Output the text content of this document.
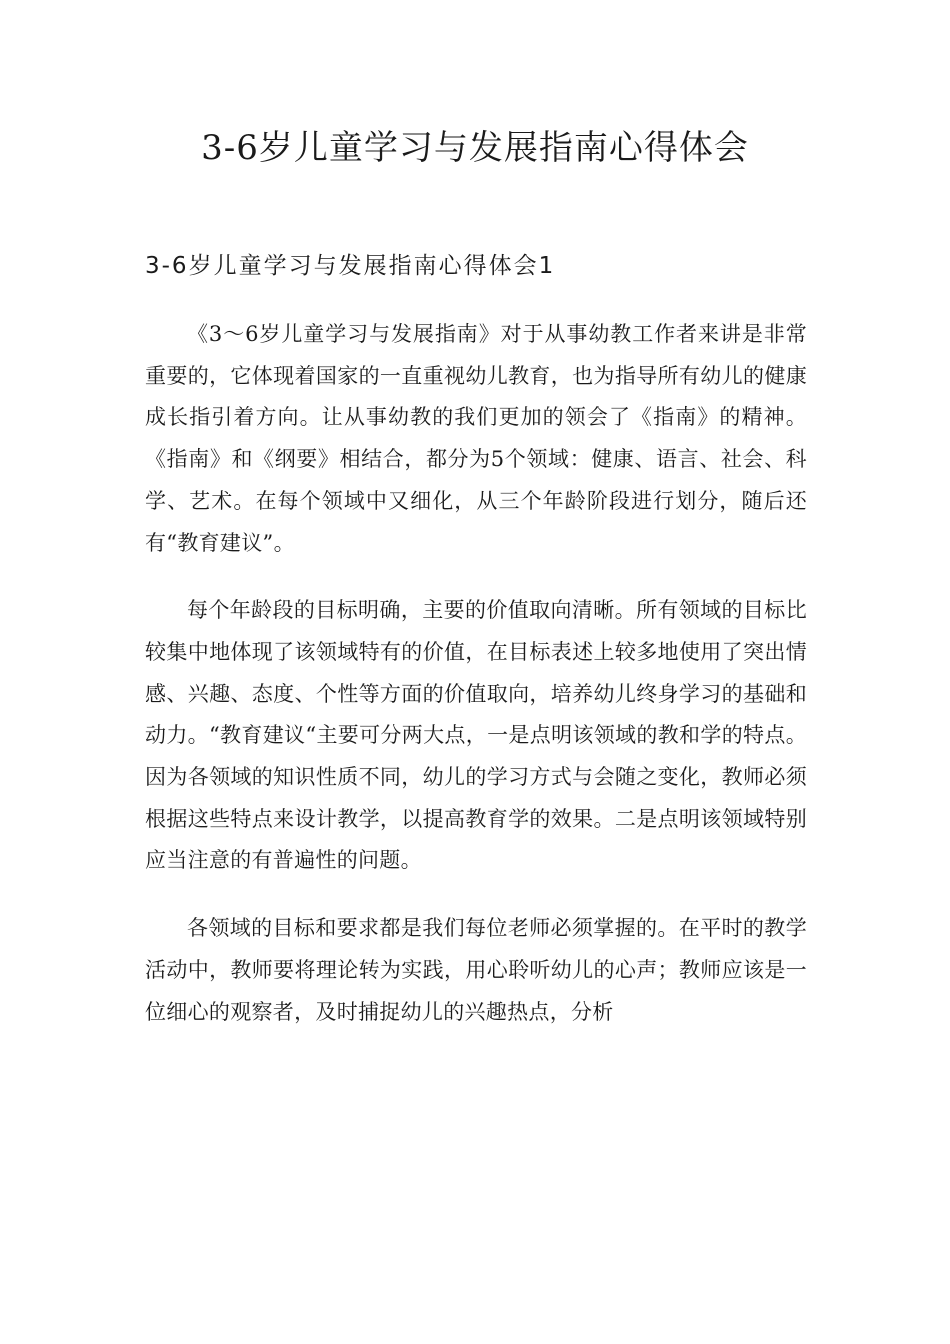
3-6岁儿童学习与发展指南心得体会
3-6岁儿童学习与发展指南心得体会1

《3～6岁儿童学习与发展指南》对于从事幼教工作者来讲是非常重要的，它体现着国家的一直重视幼儿教育，也为指导所有幼儿的健康成长指引着方向。让从事幼教的我们更加的领会了《指南》的精神。《指南》和《纲要》相结合，都分为5个领域：健康、语言、社会、科学、艺术。在每个领域中又细化，从三个年龄阶段进行划分，随后还有“教育建议”。

每个年龄段的目标明确，主要的价值取向清晰。所有领域的目标比较集中地体现了该领域特有的价值，在目标表述上较多地使用了突出情感、兴趣、态度、个性等方面的价值取向，培养幼儿终身学习的基础和动力。“教育建议“主要可分两大点，一是点明该领域的教和学的特点。因为各领域的知识性质不同，幼儿的学习方式与会随之变化，教师必须根据这些特点来设计教学，以提高教育学的效果。二是点明该领域特别应当注意的有普遍性的问题。

各领域的目标和要求都是我们每位老师必须掌握的。在平时的教学活动中，教师要将理论转为实践，用心聆听幼儿的心声；教师应该是一位细心的观察者，及时捕捉幼儿的兴趣热点，分析
